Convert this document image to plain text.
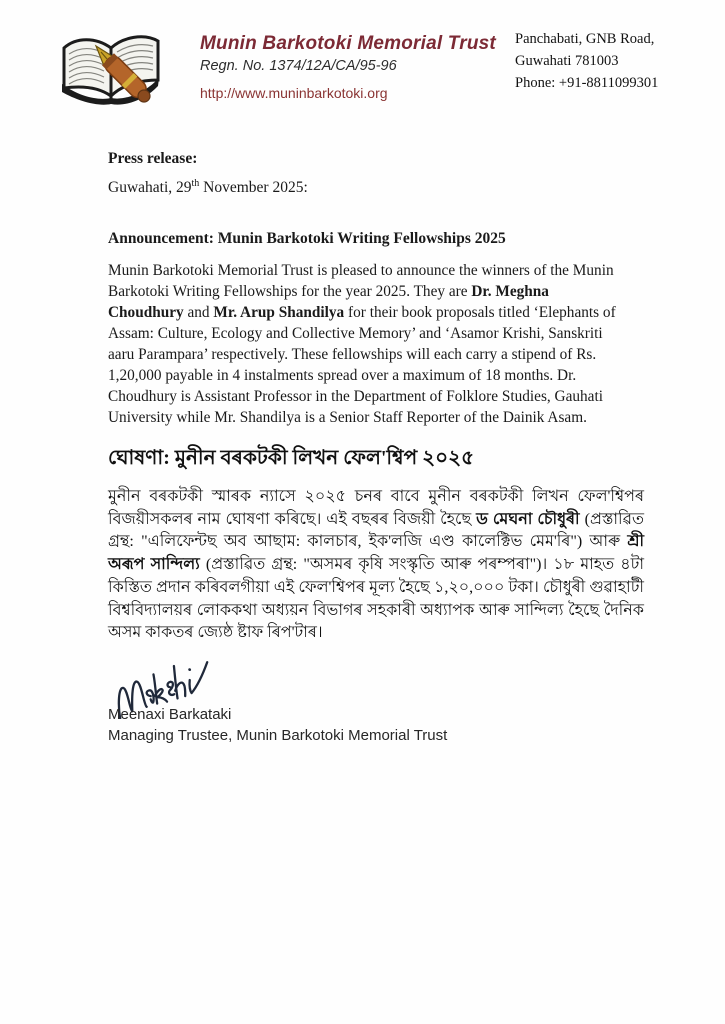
Munin Barkotoki Memorial Trust
Regn. No. 1374/12A/CA/95-96
http://www.muninbarkotoki.org
Panchabati, GNB Road,
Guwahati 781003
Phone: +91-8811099301
Press release:
Guwahati, 29th November 2025:
Announcement: Munin Barkotoki Writing Fellowships 2025
Munin Barkotoki Memorial Trust is pleased to announce the winners of the Munin Barkotoki Writing Fellowships for the year 2025. They are Dr. Meghna Choudhury and Mr. Arup Shandilya for their book proposals titled ‘Elephants of Assam: Culture, Ecology and Collective Memory’ and ‘Asamor Krishi, Sanskriti aaru Parampara’ respectively. These fellowships will each carry a stipend of Rs. 1,20,000 payable in 4 instalments spread over a maximum of 18 months. Dr. Choudhury is Assistant Professor in the Department of Folklore Studies, Gauhati University while Mr. Shandilya is a Senior Staff Reporter of the Dainik Asam.
ঘোষণা: মুনীন বৰকটকী লিখন ফেল'শ্বিপ ২০২৫
মুনীন বৰকটকী স্মাৰক ন্যাসে ২০২৫ চনৰ বাবে মুনীন বৰকটকী লিখন ফেল'শ্বিপৰ বিজয়ীসকলৰ নাম ঘোষণা কৰিছে। এই বছৰৰ বিজয়ী হৈছে ড মেঘনা চৌধুৰী (প্ৰস্তাৱিত গ্ৰন্থ: "এলিফেন্টছ অব আছাম: কালচাৰ, ইক'লজি এণ্ড কালেক্টিভ মেম'ৰি") আৰু শ্ৰী অৰূপ সান্দিল্য (প্ৰস্তাৱিত গ্ৰন্থ: "অসমৰ কৃষি সংস্কৃতি আৰু পৰম্পৰা")। ১৮ মাহত ৪টা কিস্তিত প্ৰদান কৰিবলগীয়া এই ফেল'শ্বিপৰ মূল্য হৈছে ১,২০,০০০ টকা। চৌধুৰী গুৱাহাটী বিশ্ববিদ্যালয়ৰ লোককথা অধ্যয়ন বিভাগৰ সহকাৰী অধ্যাপক আৰু সান্দিল্য হৈছে দৈনিক অসম কাকতৰ জ্যেষ্ঠ ষ্টাফ ৰিপ'টাৰ।
Meenaxi Barkataki
Managing Trustee, Munin Barkotoki Memorial Trust
